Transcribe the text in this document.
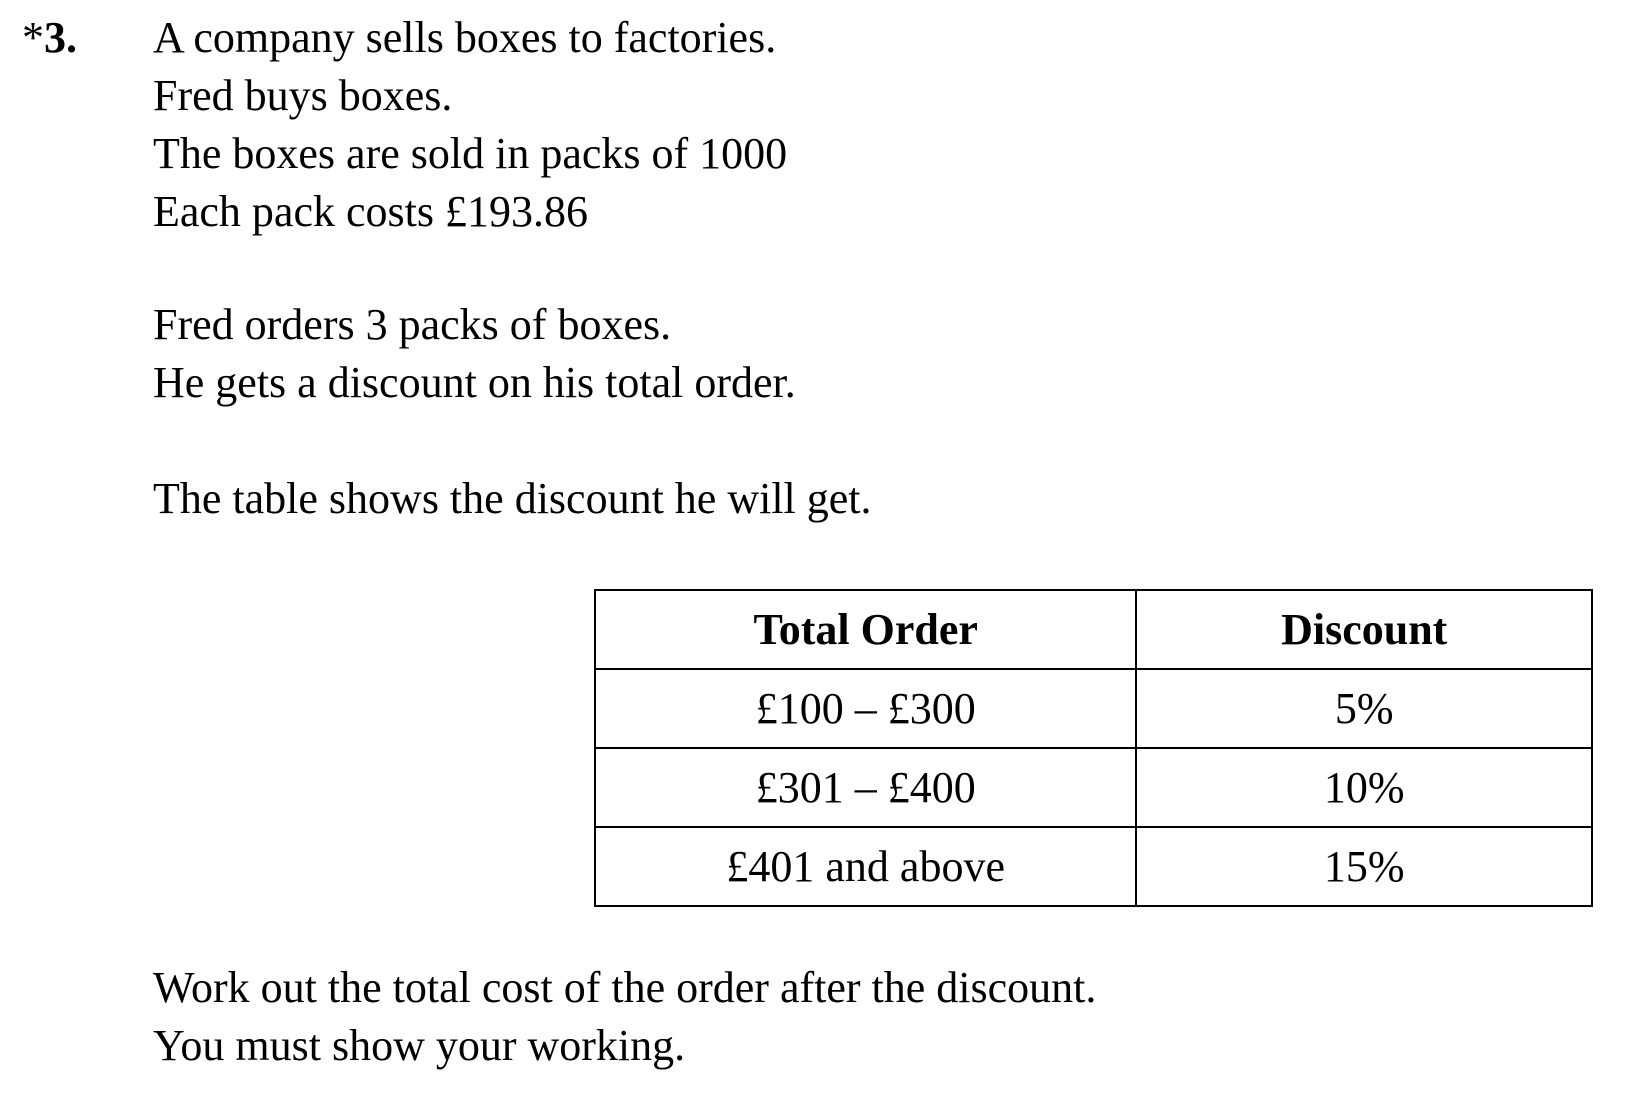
*3. A company sells boxes to factories.
Fred buys boxes.
The boxes are sold in packs of 1000
Each pack costs £193.86
Fred orders 3 packs of boxes.
He gets a discount on his total order.
The table shows the discount he will get.
Total Order	Discount
£100 – £300	5%
£301 – £400	10%
£401 and above	15%
Work out the total cost of the order after the discount.
You must show your working.
